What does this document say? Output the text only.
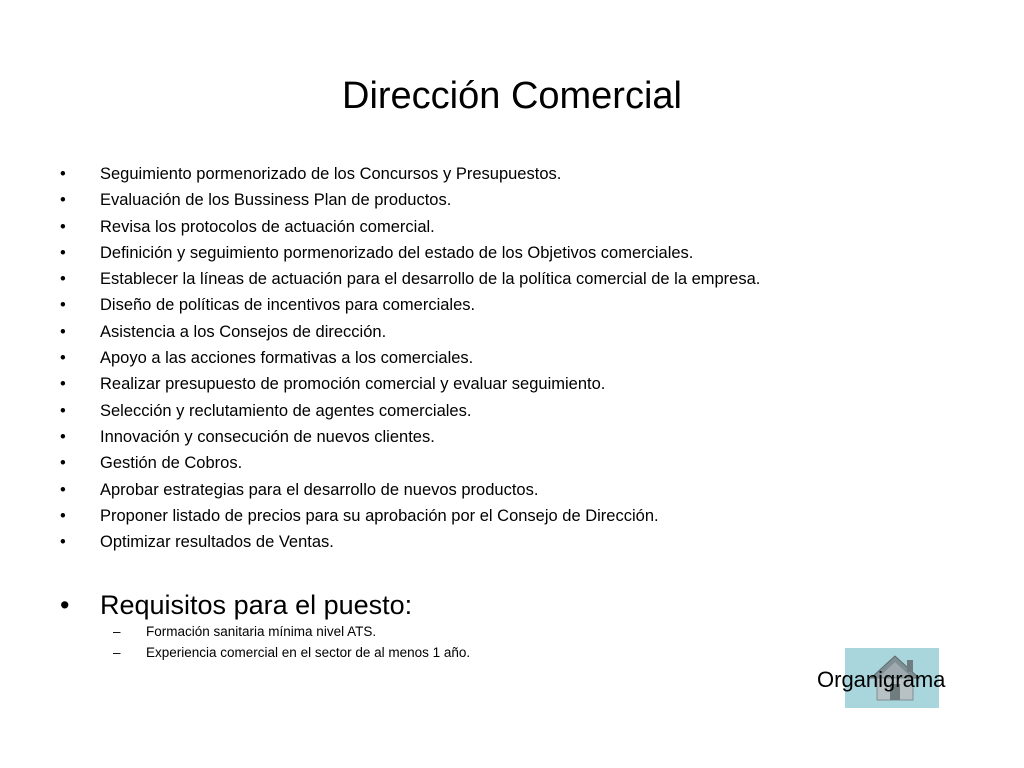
Dirección Comercial
• Seguimiento pormenorizado de los Concursos y Presupuestos.
• Evaluación de los Bussiness Plan de productos.
• Revisa los protocolos de actuación comercial.
• Definición y seguimiento pormenorizado del estado de los Objetivos comerciales.
• Establecer la líneas de actuación para el desarrollo de la política comercial de la empresa.
• Diseño de políticas de incentivos para comerciales.
• Asistencia a los Consejos de dirección.
• Apoyo a las acciones formativas a los comerciales.
• Realizar presupuesto de promoción comercial y evaluar seguimiento.
• Selección y reclutamiento de agentes comerciales.
• Innovación y consecución de nuevos clientes.
• Gestión de Cobros.
• Aprobar estrategias para el desarrollo de nuevos productos.
• Proponer listado de precios para su aprobación por el Consejo de Dirección.
• Optimizar resultados de Ventas.
• Requisitos para el puesto:
– Formación sanitaria mínima nivel ATS.
– Experiencia comercial en el sector de al menos 1 año.
Organigrama
